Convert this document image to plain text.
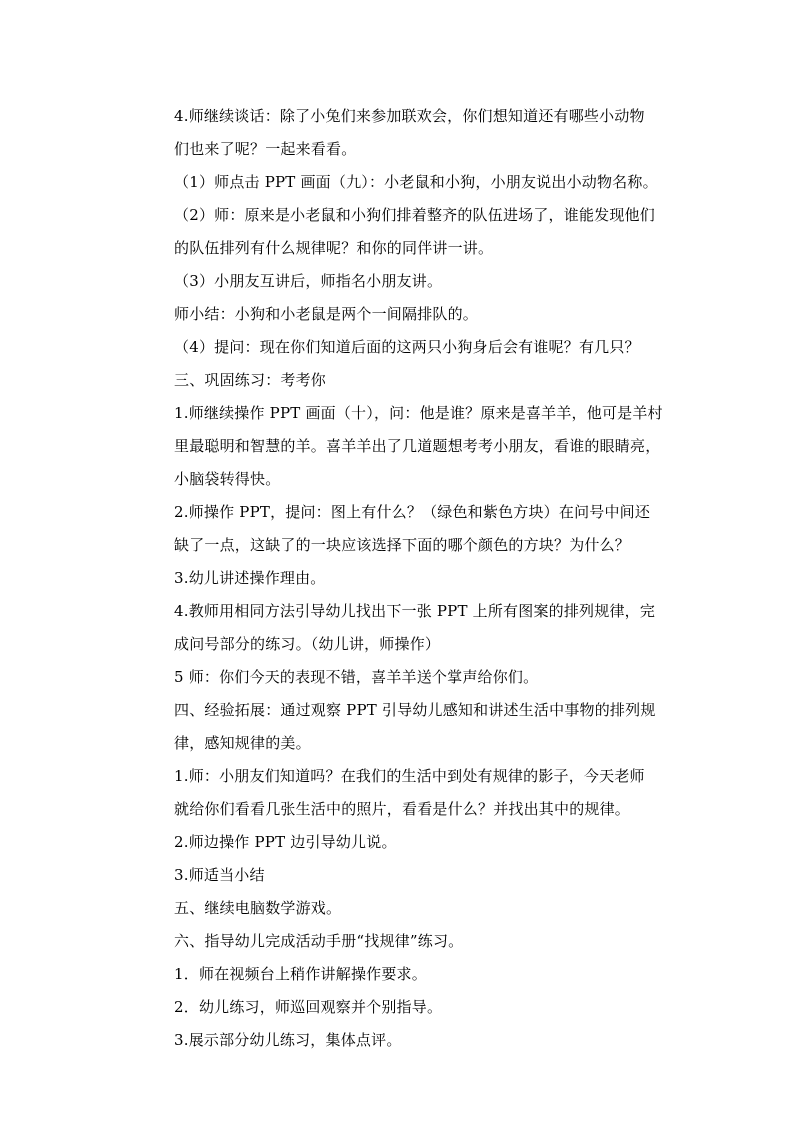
4.师继续谈话：除了小兔们来参加联欢会，你们想知道还有哪些小动物

们也来了呢？一起来看看。

（1）师点击 PPT 画面（九）：小老鼠和小狗，小朋友说出小动物名称。

（2）师：原来是小老鼠和小狗们排着整齐的队伍进场了，谁能发现他们

的队伍排列有什么规律呢？和你的同伴讲一讲。

（3）小朋友互讲后，师指名小朋友讲。

师小结：小狗和小老鼠是两个一间隔排队的。

（4）提问：现在你们知道后面的这两只小狗身后会有谁呢？有几只？

三、巩固练习：考考你

1.师继续操作 PPT 画面（十），问：他是谁？原来是喜羊羊，他可是羊村

里最聪明和智慧的羊。喜羊羊出了几道题想考考小朋友，看谁的眼睛亮，

小脑袋转得快。

2.师操作 PPT，提问：图上有什么？（绿色和紫色方块）在问号中间还

缺了一点，这缺了的一块应该选择下面的哪个颜色的方块？为什么？

3.幼儿讲述操作理由。

4.教师用相同方法引导幼儿找出下一张 PPT 上所有图案的排列规律，完

成问号部分的练习。（幼儿讲，师操作）

5 师：你们今天的表现不错，喜羊羊送个掌声给你们。

四、经验拓展：通过观察 PPT 引导幼儿感知和讲述生活中事物的排列规

律，感知规律的美。

1.师：小朋友们知道吗？在我们的生活中到处有规律的影子，今天老师

就给你们看看几张生活中的照片，看看是什么？并找出其中的规律。

2.师边操作 PPT 边引导幼儿说。

3.师适当小结

五、继续电脑数学游戏。

六、指导幼儿完成活动手册“找规律”练习。

1．师在视频台上稍作讲解操作要求。

2．幼儿练习，师巡回观察并个别指导。

3.展示部分幼儿练习，集体点评。
